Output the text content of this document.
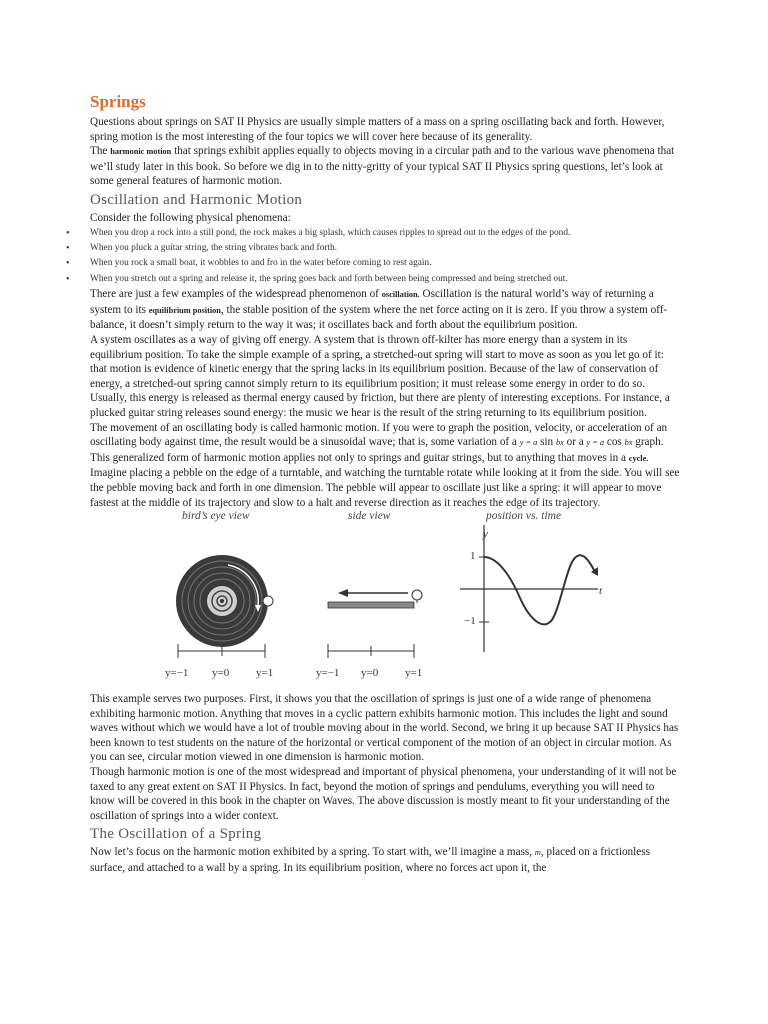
Springs

Questions about springs on SAT II Physics are usually simple matters of a mass on a spring oscillating back and forth. However, spring motion is the most interesting of the four topics we will cover here because of its generality.

The harmonic motion that springs exhibit applies equally to objects moving in a circular path and to the various wave phenomena that we’ll study later in this book. So before we dig in to the nitty-gritty of your typical SAT II Physics spring questions, let’s look at some general features of harmonic motion.

Oscillation and Harmonic Motion

Consider the following physical phenomena:

• When you drop a rock into a still pond, the rock makes a big splash, which causes ripples to spread out to the edges of the pond.
• When you pluck a guitar string, the string vibrates back and forth.
• When you rock a small boat, it wobbles to and fro in the water before coming to rest again.
• When you stretch out a spring and release it, the spring goes back and forth between being compressed and being stretched out.

There are just a few examples of the widespread phenomenon of oscillation. Oscillation is the natural world’s way of returning a system to its equilibrium position, the stable position of the system where the net force acting on it is zero. If you throw a system off-balance, it doesn’t simply return to the way it was; it oscillates back and forth about the equilibrium position.

A system oscillates as a way of giving off energy. A system that is thrown off-kilter has more energy than a system in its equilibrium position. To take the simple example of a spring, a stretched-out spring will start to move as soon as you let go of it: that motion is evidence of kinetic energy that the spring lacks in its equilibrium position. Because of the law of conservation of energy, a stretched-out spring cannot simply return to its equilibrium position; it must release some energy in order to do so. Usually, this energy is released as thermal energy caused by friction, but there are plenty of interesting exceptions. For instance, a plucked guitar string releases sound energy: the music we hear is the result of the string returning to its equilibrium position.

The movement of an oscillating body is called harmonic motion. If you were to graph the position, velocity, or acceleration of an oscillating body against time, the result would be a sinusoidal wave; that is, some variation of a y = a sin bx or a y = a cos bx graph. This generalized form of harmonic motion applies not only to springs and guitar strings, but to anything that moves in a cycle. Imagine placing a pebble on the edge of a turntable, and watching the turntable rotate while looking at it from the side. You will see the pebble moving back and forth in one dimension. The pebble will appear to oscillate just like a spring: it will appear to move fastest at the middle of its trajectory and slow to a halt and reverse direction as it reaches the edge of its trajectory.

bird’s eye view	side view	position vs. time
y=−1 y=0 y=1	y=−1 y=0 y=1
y
t
1
−1

This example serves two purposes. First, it shows you that the oscillation of springs is just one of a wide range of phenomena exhibiting harmonic motion. Anything that moves in a cyclic pattern exhibits harmonic motion. This includes the light and sound waves without which we would have a lot of trouble moving about in the world. Second, we bring it up because SAT II Physics has been known to test students on the nature of the horizontal or vertical component of the motion of an object in circular motion. As you can see, circular motion viewed in one dimension is harmonic motion.

Though harmonic motion is one of the most widespread and important of physical phenomena, your understanding of it will not be taxed to any great extent on SAT II Physics. In fact, beyond the motion of springs and pendulums, everything you will need to know will be covered in this book in the chapter on Waves. The above discussion is mostly meant to fit your understanding of the oscillation of springs into a wider context.

The Oscillation of a Spring

Now let’s focus on the harmonic motion exhibited by a spring. To start with, we’ll imagine a mass, m, placed on a frictionless surface, and attached to a wall by a spring. In its equilibrium position, where no forces act upon it, the
